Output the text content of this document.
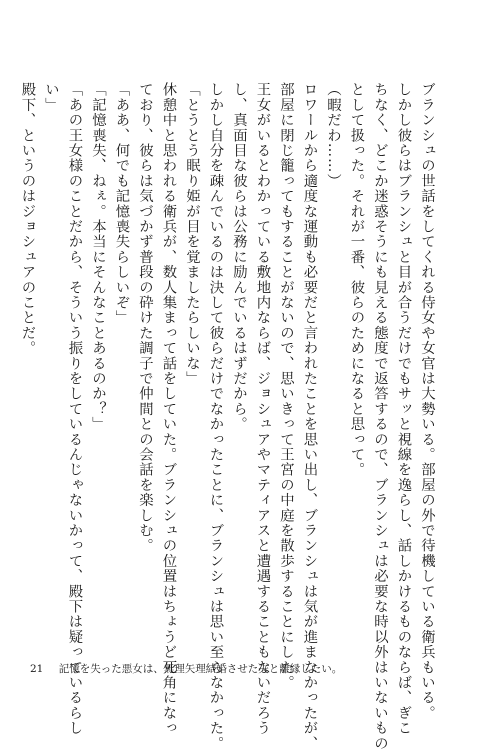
ブランシュの世話をしてくれる侍女や女官は大勢いる。部屋の外で待機している衛兵もいる。
しかし彼らはブランシュと目が合うだけでもサッと視線を逸らし、話しかけるものならば、ぎこ
ちなく、どこか迷惑そうにも見える態度で返答するので、ブランシュは必要な時以外はいないもの
として扱った。それが一番、彼らのためになると思って。
（暇だわ……）
ロワールから適度な運動も必要だと言われたことを思い出し、ブランシュは気が進まなかったが、
部屋に閉じ籠ってもすることがないので、思いきって王宮の中庭を散歩することにした。
王女がいるとわかっている敷地内ならば、ジョシュアやマティアスと遭遇することもないだろう
し、真面目な彼らは公務に励んでいるはずだから。
しかし自分を疎んでいるのは決して彼らだけでなかったことに、ブランシュは思い至らなかった。
「とうとう眠り姫が目を覚ましたらしいな」
休憩中と思われる衛兵が、数人集まって話をしていた。ブランシュの位置はちょうど死角になっ
ており、彼らは気づかず普段の砕けた調子で仲間との会話を楽しむ。
「ああ、何でも記憶喪失らしいぞ」
「記憶喪失、ねぇ。本当にそんなことあるのか？」
「あの王女様のことだから、そういう振りをしているんじゃないかって、殿下は疑っているらし
い」
殿下、というのはジョシュアのことだ。
21 記憶を失った悪女は、無理矢理結婚させた夫と離縁したい。
